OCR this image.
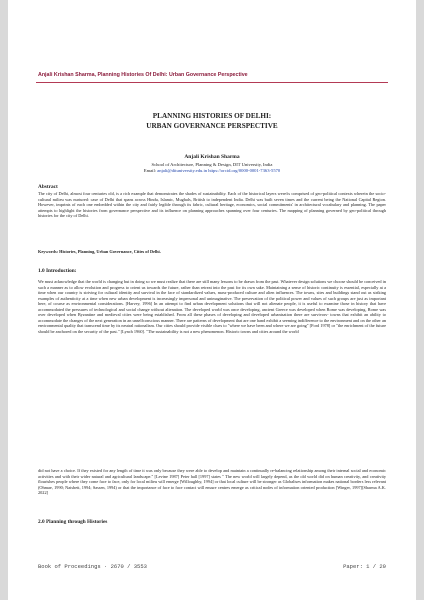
Anjali Krishan Sharma, Planning Histories Of Delhi: Urban Governance Perspective
PLANNING HISTORIES OF DELHI:
URBAN GOVERNANCE PERSPECTIVE
Anjali Krishan Sharma
School of Architecture, Planning & Design, DIT University, India
Email: anjali@dituniversity.edu.in https://orcid.org/0000-0001-7363-5570
Abstract

The city of Delhi, almost four centuries old, is a rich example that demonstrates the shades of sustainability. Each of the historical layers were/is comprised of geo-political contexts wherein the socio-cultural milieu was nurtured: case of Delhi that spans across Hindu, Islamic, Mughals, British to independent India. Delhi was built seven times and the current being the National Capital Region. However, imprints of each one embedded within the city and fairly legible through its fabric, cultural heritage, economics, social commitments' in architectural vocabulary and planning. The paper attempts to highlight the histories from governance perspective and its influence on planning approaches spanning over four centuries. The mapping of planning governed by geo-political through histories for the city of Delhi.

Keywords: Histories, Planning, Urban Governance, Cities of Delhi.
1.0 Introduction:

We must acknowledge that the world is changing but in doing so we must realize that there are still many lessons to be drawn from the past. Whatever design solutions we choose should be conceived in such a manner as to allow evolution and progress to orient us towards the future, rather than retreat into the past for its own sake. Maintaining a sense of historic continuity is essential, especially at a time when our country is striving for cultural identity and survival in the face of standardized values, mass-produced culture and alien influences. The towns, sites and buildings stand out as striking examples of authenticity at a time when new urban development is increasingly impersonal and unimaginative. The preservation of the political power and values of such groups are just as important here, of course as environmental considerations. [Harvey, 1996] In an attempt to find urban development solutions that will not alienate people, it is useful to examine those in history that have accommodated the pressures of technological and social change without alienation. The developed world was once developing, ancient Greece was developed when Rome was developing, Rome was over developed when Byzantine and medieval cities were being established. From all these phases of developing and developed urbanisation there are survivors- towns that exhibit an ability to accommodate the changes of the next generation in an unselfconscious manner. There are patterns of development that are one hand exhibit a seeming indifference to the environment and on the other an environmental quality that transcend time by its neutral rationalism. Our cities should provide visible clues to "where we have been and where we are going" [Ford 1978] or "the enrichment of the future should be anchored on the security of the past." [Lynch 1960]. "The sustainability is not a new phenomenon. Historic towns and cities around the world

did not have a choice. If they existed for any length of time it was only because they were able to develop and maintain a continually re-balancing relationship among their internal social and economic activities and with their wider natural and agricultural landscape." [Levine 1987] Peter hall [1997] states " The new world will largely depend, as the old world did on human creativity, and creativity flourishes people where they come face to face, only for local milieu will emerge [Willoughby, 1994] or that local culture will be stronger as Globalises information makes national borders less relevant (Ohmae, 1990; Naisbett, 1994; Sassen, 1994) or that the importance of face to face contact will ensure centres emerge as critical nodes of information oriented production [Winger, 1997][Sharma A.K. 2022]

2.0 Planning through Histories
Book of Proceedings · 2670 / 3553	Paper: 1 / 20
